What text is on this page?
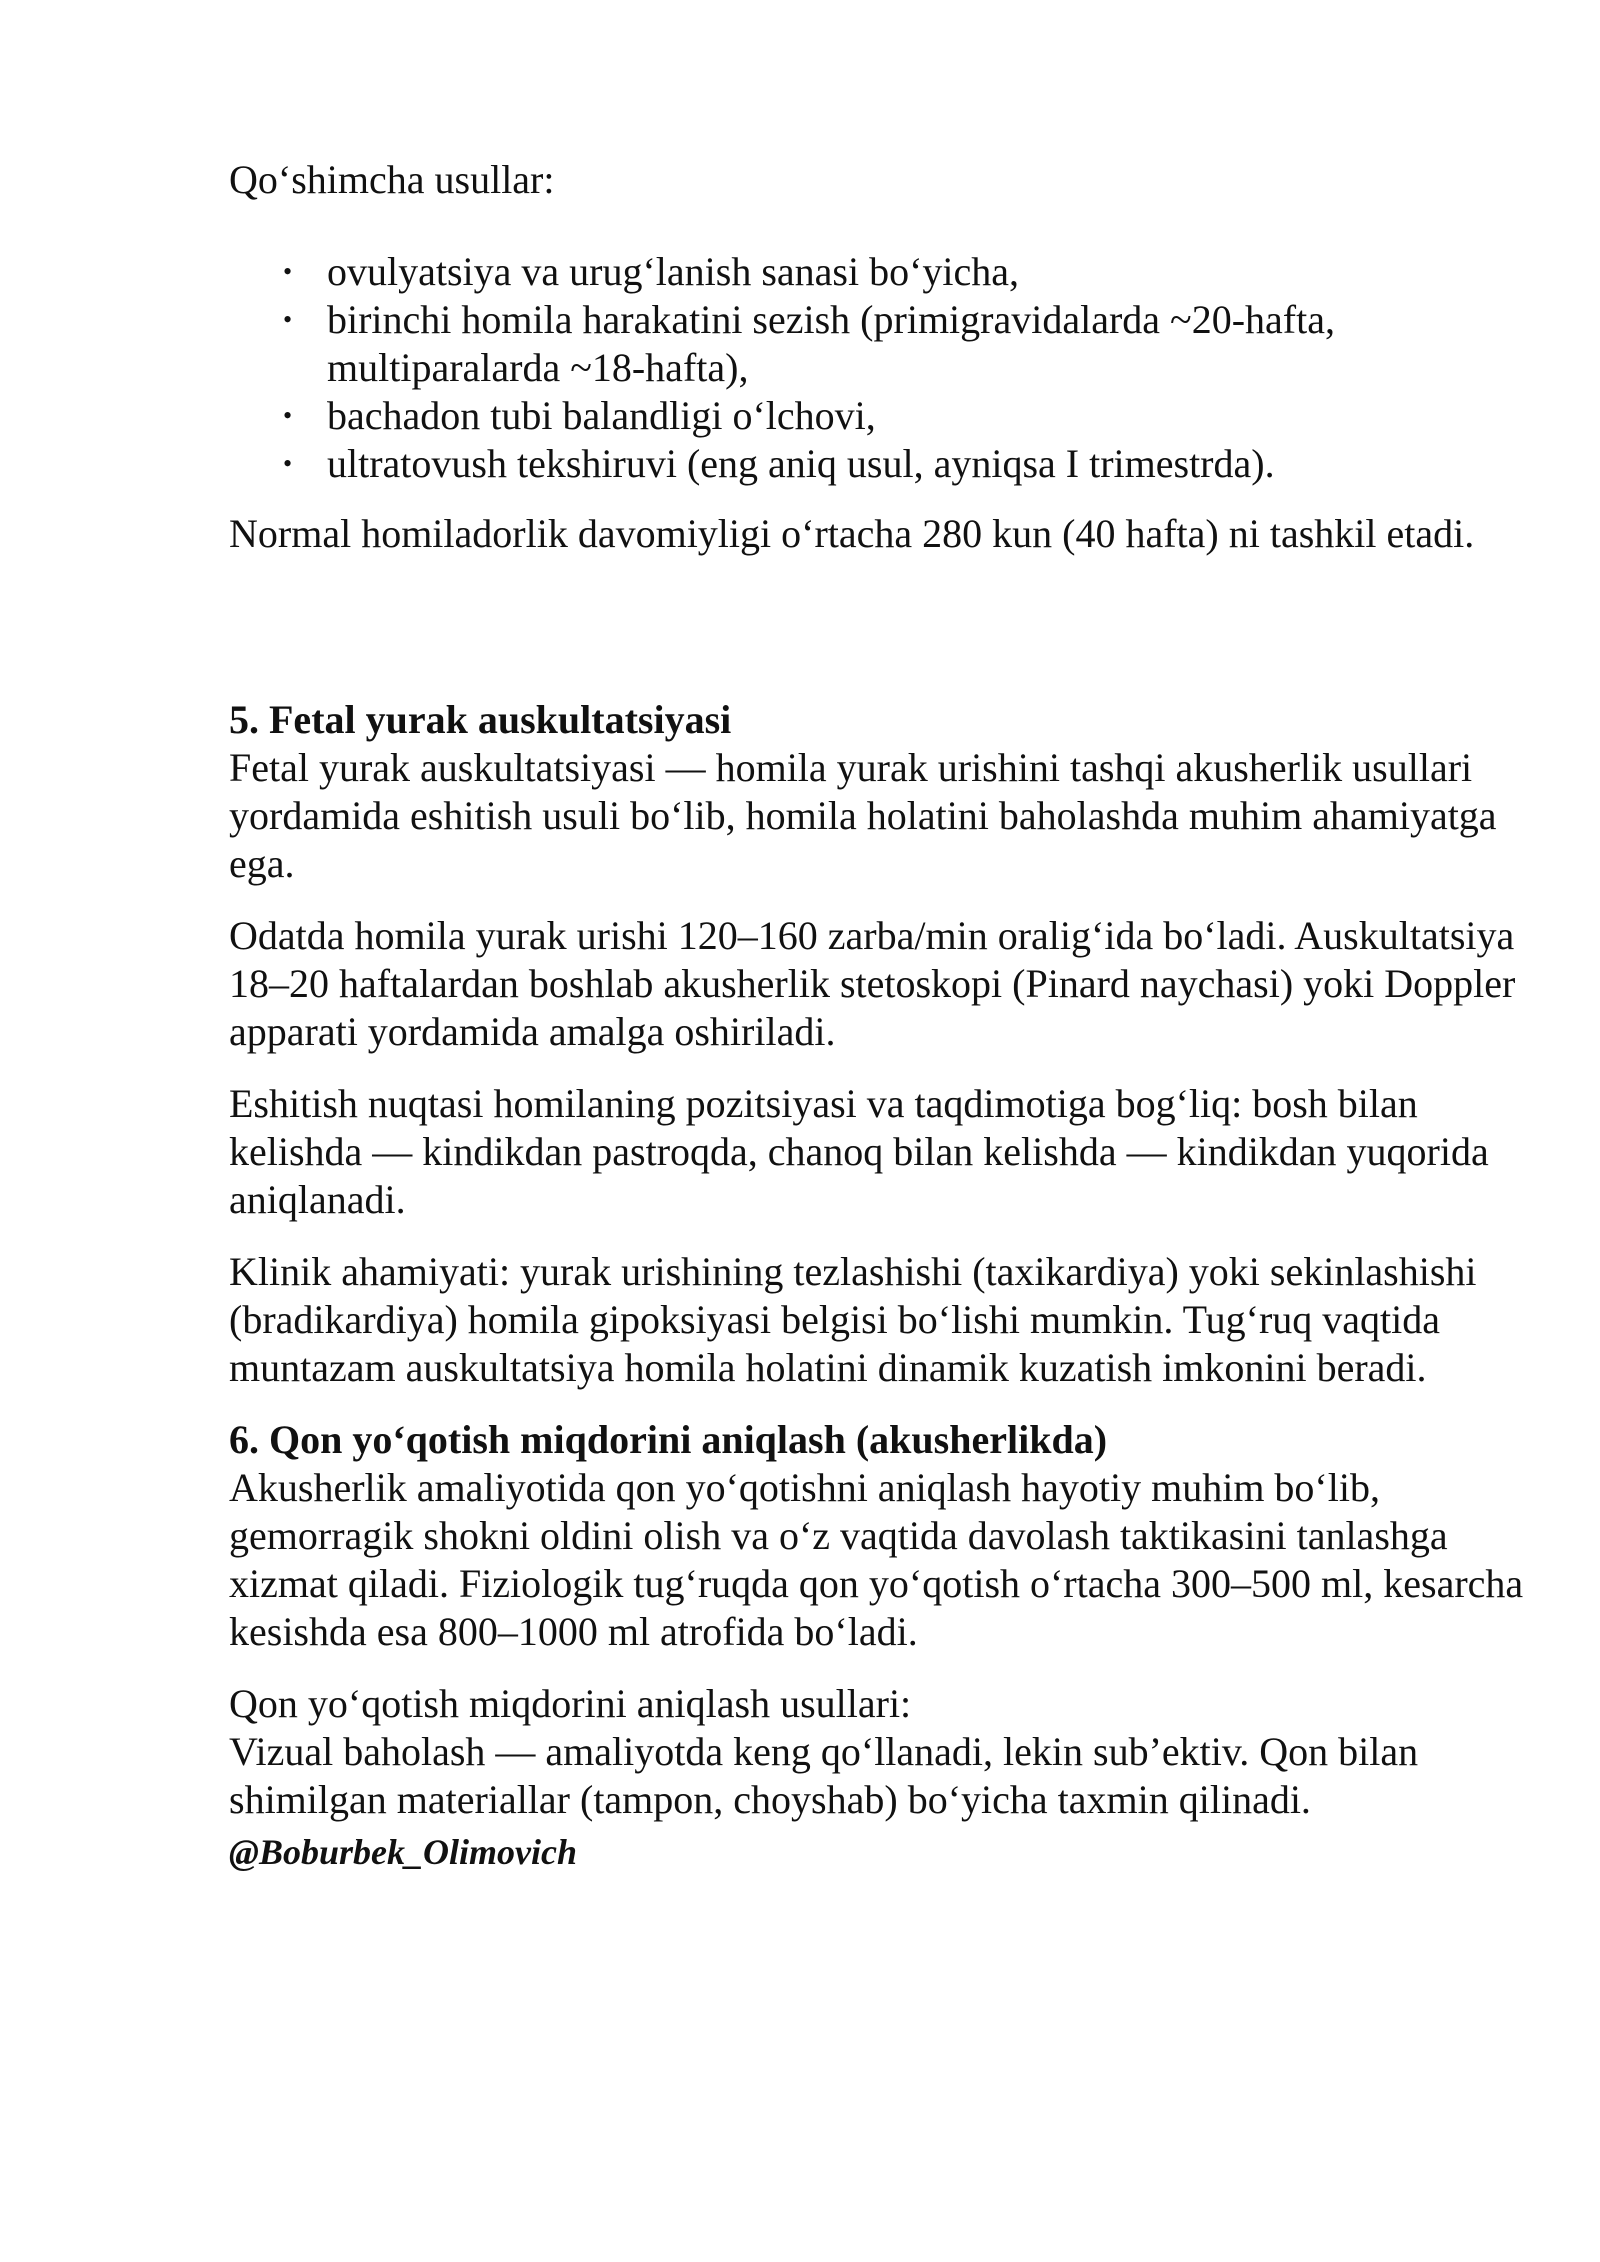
Qo‘shimcha usullar:

• ovulyatsiya va urug‘lanish sanasi bo‘yicha,
• birinchi homila harakatini sezish (primigravidalarda ~20-hafta, multiparalarda ~18-hafta),
• bachadon tubi balandligi o‘lchovi,
• ultratovush tekshiruvi (eng aniq usul, ayniqsa I trimestrda).

Normal homiladorlik davomiyligi o‘rtacha 280 kun (40 hafta) ni tashkil etadi.

5. Fetal yurak auskultatsiyasi

Fetal yurak auskultatsiyasi — homila yurak urishini tashqi akusherlik usullari yordamida eshitish usuli bo‘lib, homila holatini baholashda muhim ahamiyatga ega.

Odatda homila yurak urishi 120–160 zarba/min oralig‘ida bo‘ladi. Auskultatsiya 18–20 haftalardan boshlab akusherlik stetoskopi (Pinard naychasi) yoki Doppler apparati yordamida amalga oshiriladi.

Eshitish nuqtasi homilaning pozitsiyasi va taqdimotiga bog‘liq: bosh bilan kelishda — kindikdan pastroqda, chanoq bilan kelishda — kindikdan yuqorida aniqlanadi.

Klinik ahamiyati: yurak urishining tezlashishi (taxikardiya) yoki sekinlashishi (bradikardiya) homila gipoksiyasi belgisi bo‘lishi mumkin. Tug‘ruq vaqtida muntazam auskultatsiya homila holatini dinamik kuzatish imkonini beradi.

6. Qon yo‘qotish miqdorini aniqlash (akusherlikda)

Akusherlik amaliyotida qon yo‘qotishni aniqlash hayotiy muhim bo‘lib, gemorragik shokni oldini olish va o‘z vaqtida davolash taktikasini tanlashga xizmat qiladi. Fiziologik tug‘ruqda qon yo‘qotish o‘rtacha 300–500 ml, kesarcha kesishda esa 800–1000 ml atrofida bo‘ladi.

Qon yo‘qotish miqdorini aniqlash usullari:

Vizual baholash — amaliyotda keng qo‘llanadi, lekin sub’ektiv. Qon bilan shimilgan materiallar (tampon, choyshab) bo‘yicha taxmin qilinadi.

@Boburbek_Olimovich
